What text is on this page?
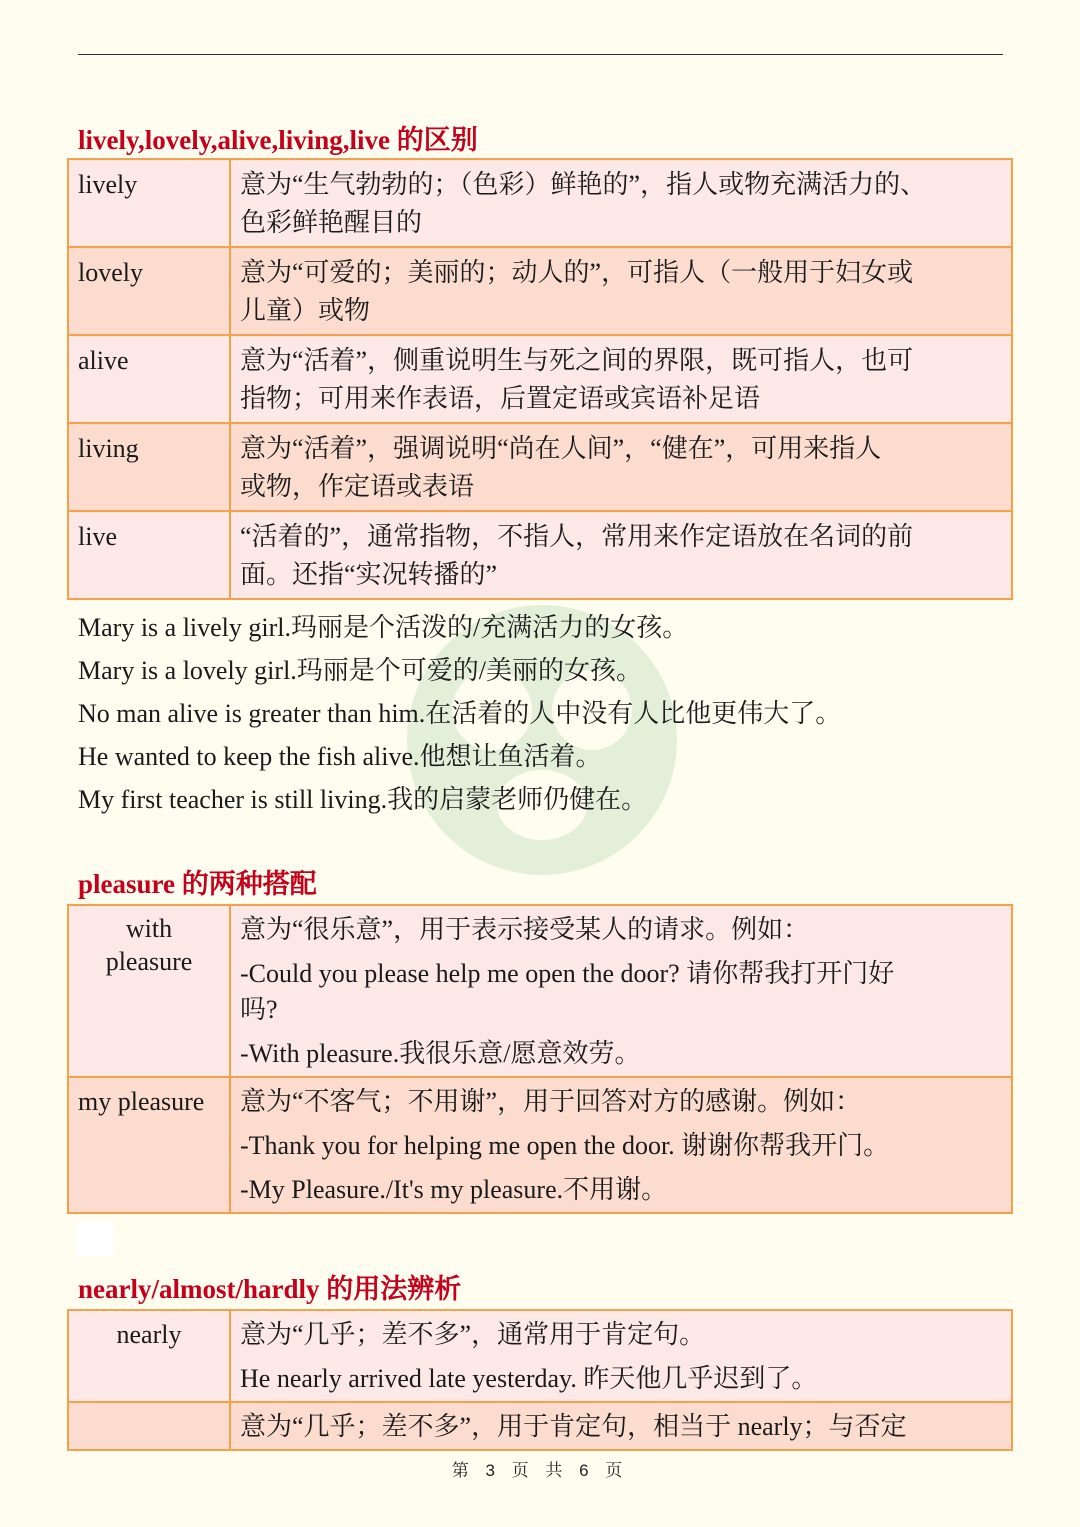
lively,lovely,alive,living,live 的区别
lively	意为“生气勃勃的；（色彩）鲜艳的”，指人或物充满活力的、
色彩鲜艳醒目的

lovely	意为“可爱的；美丽的；动人的”，可指人（一般用于妇女或
儿童）或物

alive	意为“活着”，侧重说明生与死之间的界限，既可指人，也可
指物；可用来作表语，后置定语或宾语补足语

living	意为“活着”，强调说明“尚在人间”，“健在”，可用来指人
或物，作定语或表语

live	“活着的”，通常指物，不指人，常用来作定语放在名词的前
面。还指“实况转播的”
Mary is a lively girl.玛丽是个活泼的/充满活力的女孩。
Mary is a lovely girl.玛丽是个可爱的/美丽的女孩。
No man alive is greater than him.在活着的人中没有人比他更伟大了。
He wanted to keep the fish alive.他想让鱼活着。
My first teacher is still living.我的启蒙老师仍健在。
pleasure 的两种搭配
with
pleasure	意为“很乐意”，用于表示接受某人的请求。例如：
-Could you please help me open the door? 请你帮我打开门好
吗?
-With pleasure.我很乐意/愿意效劳。

my pleasure	意为“不客气；不用谢”，用于回答对方的感谢。例如：
-Thank you for helping me open the door. 谢谢你帮我开门。
-My Pleasure./It's my pleasure.不用谢。
nearly/almost/hardly 的用法辨析
nearly	意为“几乎；差不多”，通常用于肯定句。
He nearly arrived late yesterday. 昨天他几乎迟到了。

	意为“几乎；差不多”，用于肯定句，相当于 nearly；与否定
第 3 页 共 6 页
